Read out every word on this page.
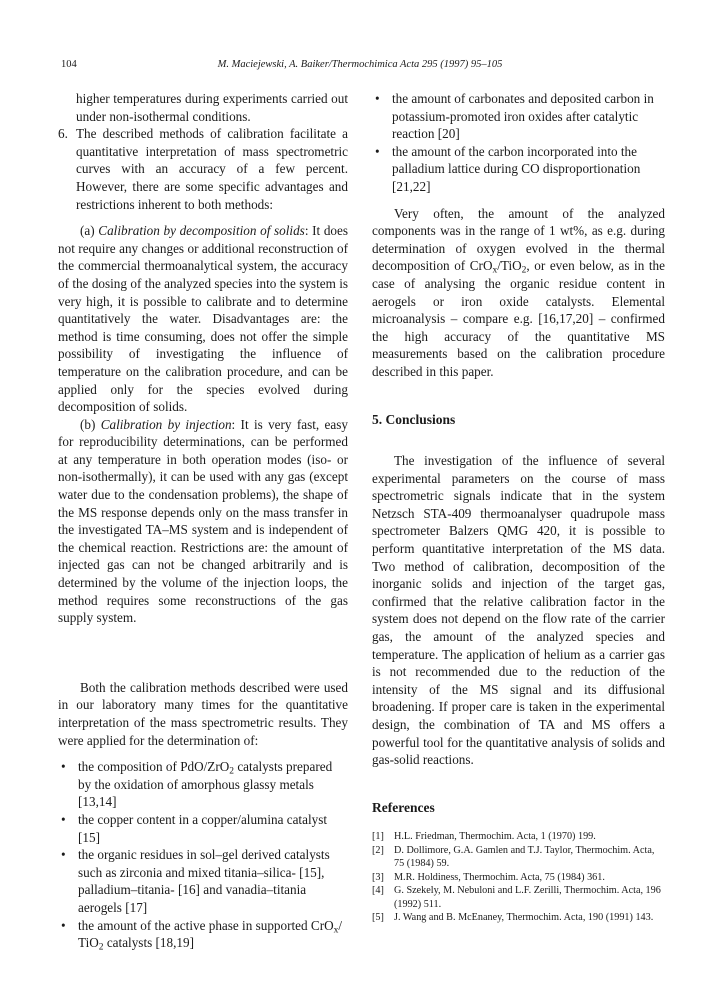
104	M. Maciejewski, A. Baiker/Thermochimica Acta 295 (1997) 95–105

higher temperatures during experiments carried out under non-isothermal conditions.

6. The described methods of calibration facilitate a quantitative interpretation of mass spectrometric curves with an accuracy of a few percent. However, there are some specific advantages and restrictions inherent to both methods:

(a) Calibration by decomposition of solids: It does not require any changes or additional reconstruction of the commercial thermoanalytical system, the accuracy of the dosing of the analyzed species into the system is very high, it is possible to calibrate and to determine quantitatively the water. Disadvantages are: the method is time consuming, does not offer the simple possibility of investigating the influence of temperature on the calibration procedure, and can be applied only for the species evolved during decomposition of solids.

(b) Calibration by injection: It is very fast, easy for reproducibility determinations, can be performed at any temperature in both operation modes (iso- or non-isothermally), it can be used with any gas (except water due to the condensation problems), the shape of the MS response depends only on the mass transfer in the investigated TA–MS system and is independent of the chemical reaction. Restrictions are: the amount of injected gas can not be changed arbitrarily and is determined by the volume of the injection loops, the method requires some reconstructions of the gas supply system.

Both the calibration methods described were used in our laboratory many times for the quantitative interpretation of the mass spectrometric results. They were applied for the determination of:

• the composition of PdO/ZrO$_2$ catalysts prepared by the oxidation of amorphous glassy metals [13,14]
• the copper content in a copper/alumina catalyst [15]
• the organic residues in sol–gel derived catalysts such as zirconia and mixed titania–silica- [15], palladium–titania- [16] and vanadia–titania aerogels [17]
• the amount of the active phase in supported CrO$_x$/ TiO$_2$ catalysts [18,19]
• the amount of carbonates and deposited carbon in potassium-promoted iron oxides after catalytic reaction [20]
• the amount of the carbon incorporated into the palladium lattice during CO disproportionation [21,22]

Very often, the amount of the analyzed components was in the range of 1 wt%, as e.g. during determination of oxygen evolved in the thermal decomposition of CrO$_x$/TiO$_2$, or even below, as in the case of analysing the organic residue content in aerogels or iron oxide catalysts. Elemental microanalysis – compare e.g. [16,17,20] – confirmed the high accuracy of the quantitative MS measurements based on the calibration procedure described in this paper.

5. Conclusions

The investigation of the influence of several experimental parameters on the course of mass spectrometric signals indicate that in the system Netzsch STA-409 thermoanalyser quadrupole mass spectrometer Balzers QMG 420, it is possible to perform quantitative interpretation of the MS data. Two method of calibration, decomposition of the inorganic solids and injection of the target gas, confirmed that the relative calibration factor in the system does not depend on the flow rate of the carrier gas, the amount of the analyzed species and temperature. The application of helium as a carrier gas is not recommended due to the reduction of the intensity of the MS signal and its diffusional broadening. If proper care is taken in the experimental design, the combination of TA and MS offers a powerful tool for the quantitative analysis of solids and gas-solid reactions.

References
[1] H.L. Friedman, Thermochim. Acta, 1 (1970) 199.
[2] D. Dollimore, G.A. Gamlen and T.J. Taylor, Thermochim. Acta, 75 (1984) 59.
[3] M.R. Holdiness, Thermochim. Acta, 75 (1984) 361.
[4] G. Szekely, M. Nebuloni and L.F. Zerilli, Thermochim. Acta, 196 (1992) 511.
[5] J. Wang and B. McEnaney, Thermochim. Acta, 190 (1991) 143.
